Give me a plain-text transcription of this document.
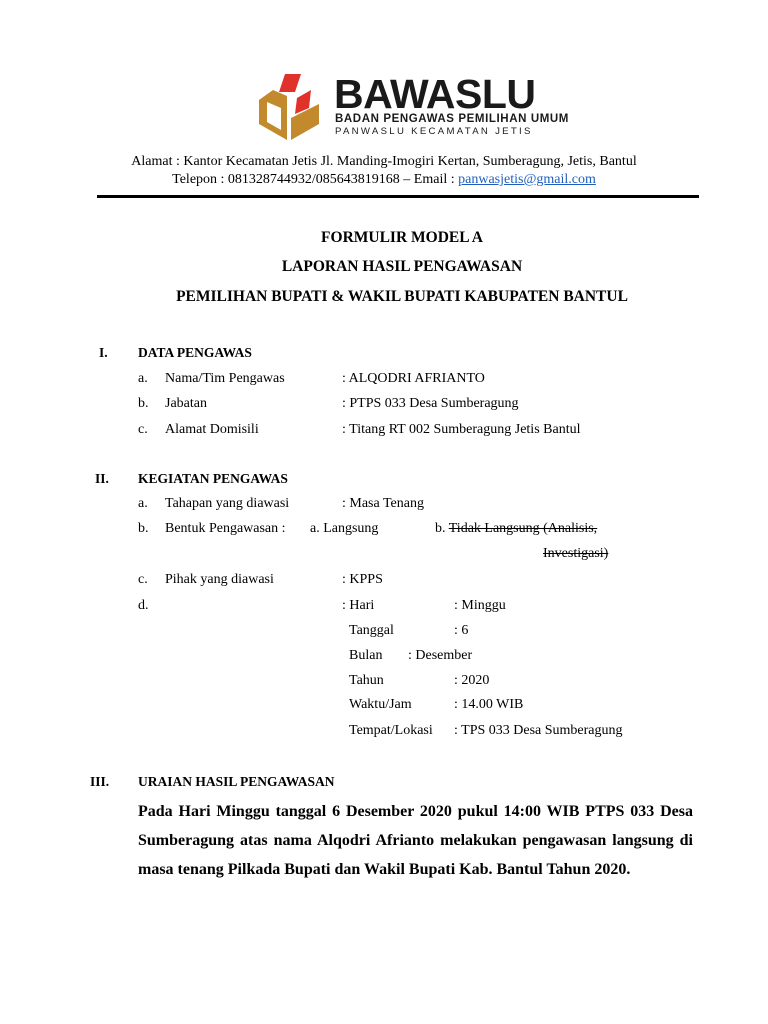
BAWASLU
BADAN PENGAWAS PEMILIHAN UMUM
PANWASLU KECAMATAN JETIS
Alamat : Kantor Kecamatan Jetis Jl. Manding-Imogiri Kertan, Sumberagung, Jetis, Bantul
Telepon : 081328744932/085643819168 – Email : panwasjetis@gmail.com
FORMULIR MODEL A
LAPORAN HASIL PENGAWASAN
PEMILIHAN BUPATI & WAKIL BUPATI KABUPATEN BANTUL
I. DATA PENGAWAS
a. Nama/Tim Pengawas	: ALQODRI AFRIANTO
b. Jabatan	: PTPS 033 Desa Sumberagung
c. Alamat Domisili	: Titang RT 002 Sumberagung Jetis Bantul
II. KEGIATAN PENGAWAS
a. Tahapan yang diawasi	: Masa Tenang
b. Bentuk Pengawasan : a. Langsung	b. Tidak Langsung (Analisis,
Investigasi)
c. Pihak yang diawasi	: KPPS
d.	: Hari	: Minggu
Tanggal	: 6
Bulan : Desember
Tahun	: 2020
Waktu/Jam	: 14.00 WIB
Tempat/Lokasi : TPS 033 Desa Sumberagung
III. URAIAN HASIL PENGAWASAN
Pada Hari Minggu tanggal 6 Desember 2020 pukul 14:00 WIB PTPS 033 Desa Sumberagung atas nama Alqodri Afrianto melakukan pengawasan langsung di masa tenang Pilkada Bupati dan Wakil Bupati Kab. Bantul Tahun 2020.
